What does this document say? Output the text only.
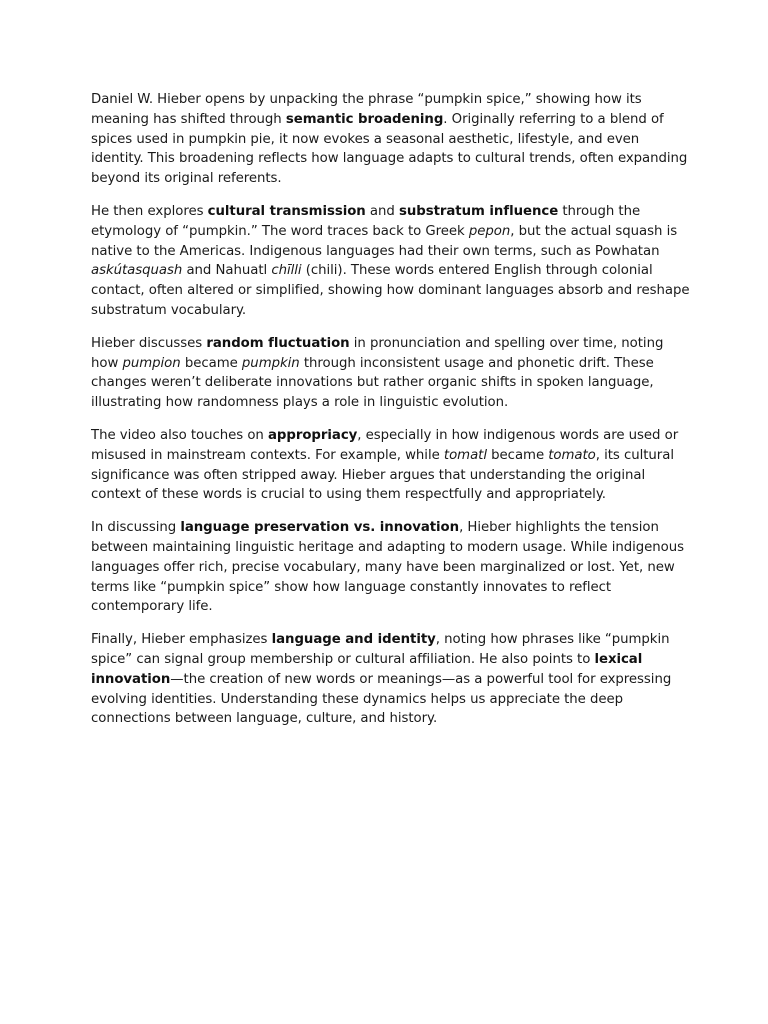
Daniel W. Hieber opens by unpacking the phrase “pumpkin spice,” showing how its meaning has shifted through semantic broadening. Originally referring to a blend of spices used in pumpkin pie, it now evokes a seasonal aesthetic, lifestyle, and even identity. This broadening reflects how language adapts to cultural trends, often expanding beyond its original referents.

He then explores cultural transmission and substratum influence through the etymology of “pumpkin.” The word traces back to Greek pepon, but the actual squash is native to the Americas. Indigenous languages had their own terms, such as Powhatan askútasquash and Nahuatl chīlli (chili). These words entered English through colonial contact, often altered or simplified, showing how dominant languages absorb and reshape substratum vocabulary.

Hieber discusses random fluctuation in pronunciation and spelling over time, noting how pumpion became pumpkin through inconsistent usage and phonetic drift. These changes weren’t deliberate innovations but rather organic shifts in spoken language, illustrating how randomness plays a role in linguistic evolution.

The video also touches on appropriacy, especially in how indigenous words are used or misused in mainstream contexts. For example, while tomatl became tomato, its cultural significance was often stripped away. Hieber argues that understanding the original context of these words is crucial to using them respectfully and appropriately.

In discussing language preservation vs. innovation, Hieber highlights the tension between maintaining linguistic heritage and adapting to modern usage. While indigenous languages offer rich, precise vocabulary, many have been marginalized or lost. Yet, new terms like “pumpkin spice” show how language constantly innovates to reflect contemporary life.

Finally, Hieber emphasizes language and identity, noting how phrases like “pumpkin spice” can signal group membership or cultural affiliation. He also points to lexical innovation—the creation of new words or meanings—as a powerful tool for expressing evolving identities. Understanding these dynamics helps us appreciate the deep connections between language, culture, and history.
